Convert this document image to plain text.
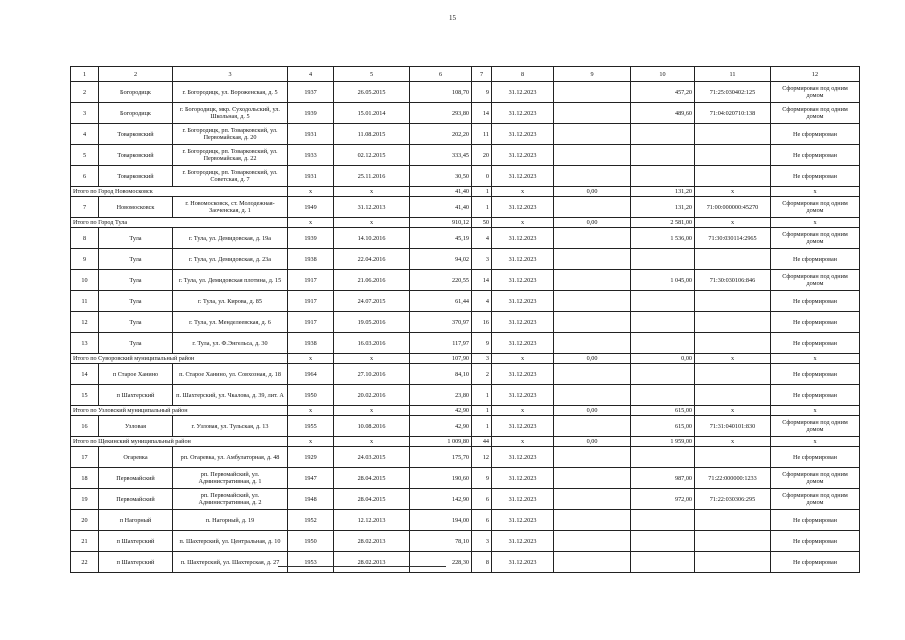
15
1	2	3	4	5	6	7	8	9	10	11	12
2	Богородицк	г. Богородицк, ул. Вороженская, д. 5	1937	26.05.2015	108,70	9	31.12.2023		457,20	71:25:030402:125	Сформирован под одним домом
3	Богородицк	г. Богородицк, мкр. Суходольский, ул. Школьная, д. 5	1939	15.01.2014	293,80	14	31.12.2023		489,60	71:04:020710:138	Сформирован под одним домом
4	Товарковский	г. Богородицк, рп. Товарковский, ул. Первомайская, д. 20	1931	11.08.2015	202,20	11	31.12.2023				Не сформирован
5	Товарковский	г. Богородицк, рп. Товарковский, ул. Первомайская, д. 22	1933	02.12.2015	333,45	20	31.12.2023				Не сформирован
6	Товарковский	г. Богородицк, рп. Товарковский, ул. Советская, д. 7	1931	25.11.2016	30,50	0	31.12.2023				Не сформирован
Итого по Город Новомосковск			x	x	41,40	1	x	0,00	131,20	x	x
7	Новомосковск	г. Новомосковск, ст. Молодежная-Заоченская, д. 1	1949	31.12.2013	41,40	1	31.12.2023		131,20	71:00:000000:45270	Сформирован под одним домом
Итого по Город Тула			x	x	910,12	50	x	0,00	2 581,00	x	x
8	Тула	г. Тула, ул. Демидовская, д. 19а	1939	14.10.2016	45,19	4	31.12.2023		1 536,00	71:30:030114:2965	Сформирован под одним домом
9	Тула	г. Тула, ул. Демидовская, д. 23а	1938	22.04.2016	94,02	3	31.12.2023				Не сформирован
10	Тула	г. Тула, ул. Демидовская плотина, д. 15	1917	21.06.2016	220,55	14	31.12.2023		1 045,00	71:30:030106:846	Сформирован под одним домом
11	Тула	г. Тула, ул. Кирова, д. 85	1917	24.07.2015	61,44	4	31.12.2023				Не сформирован
12	Тула	г. Тула, ул. Менделеевская, д. 6	1917	19.05.2016	370,97	16	31.12.2023				Не сформирован
13	Тула	г. Тула, ул. Ф.Энгельса, д. 30	1938	16.03.2016	117,97	9	31.12.2023				Не сформирован
Итого по Суворовский муниципальный район			x	x	107,90	3	x	0,00	0,00	x	x
14	п Старое Ханино	п. Старое Ханино, ул. Совхозная, д. 18	1964	27.10.2016	84,10	2	31.12.2023				Не сформирован
15	п Шахтерский	п. Шахтерский, ул. Чкалова, д. 39, лит. А	1950	20.02.2016	23,80	1	31.12.2023				Не сформирован
Итого по Узловский муниципальный район			x	x	42,90	1	x	0,00	615,00	x	x
16	Узловая	г. Узловая, ул. Тульская, д. 13	1955	10.08.2016	42,90	1	31.12.2023		615,00	71:31:040101:830	Сформирован под одним домом
Итого по Щекинский муниципальный район			x	x	1 009,80	44	x	0,00	1 959,00	x	x
17	Огаревка	рп. Огаревка, ул. Амбулаторная, д. 48	1929	24.03.2015	175,70	12	31.12.2023				Не сформирован
18	Первомайский	рп. Первомайский, ул. Административная, д. 1	1947	28.04.2015	190,60	9	31.12.2023		987,00	71:22:000000:1233	Сформирован под одним домом
19	Первомайский	рп. Первомайский, ул. Административная, д. 2	1948	28.04.2015	142,90	6	31.12.2023		972,00	71:22:030306:295	Сформирован под одним домом
20	п Нагорный	п. Нагорный, д. 19	1952	12.12.2013	194,00	6	31.12.2023				Не сформирован
21	п Шахтерский	п. Шахтерский, ул. Центральная, д. 10	1950	28.02.2013	78,10	3	31.12.2023				Не сформирован
22	п Шахтерский	п. Шахтерский, ул. Шахтерская, д. 27	1953	28.02.2013	228,30	8	31.12.2023				Не сформирован
